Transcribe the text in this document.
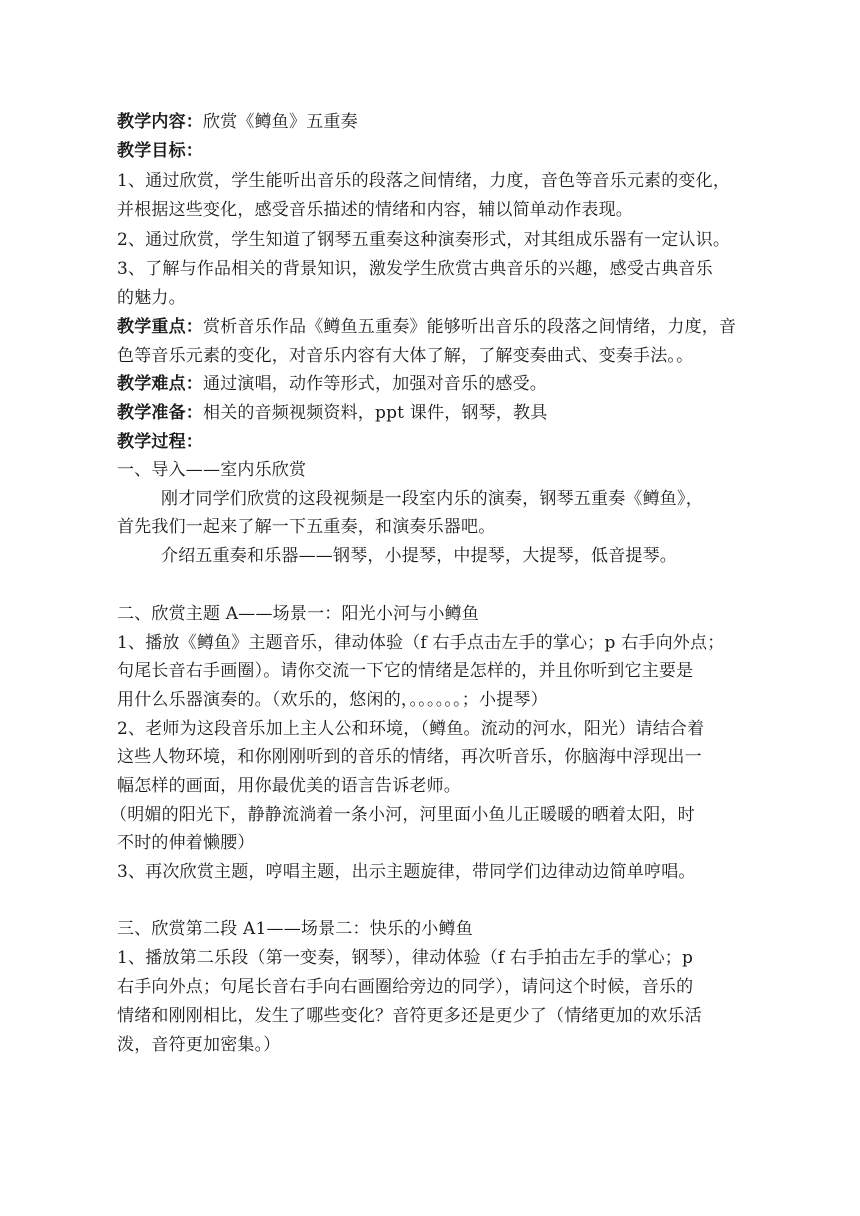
教学内容：欣赏《鳟鱼》五重奏
教学目标：
1、通过欣赏，学生能听出音乐的段落之间情绪，力度，音色等音乐元素的变化，
并根据这些变化，感受音乐描述的情绪和内容，辅以简单动作表现。
2、通过欣赏，学生知道了钢琴五重奏这种演奏形式，对其组成乐器有一定认识。
3、了解与作品相关的背景知识，激发学生欣赏古典音乐的兴趣，感受古典音乐
的魅力。
教学重点：赏析音乐作品《鳟鱼五重奏》能够听出音乐的段落之间情绪，力度，音
色等音乐元素的变化，对音乐内容有大体了解，了解变奏曲式、变奏手法。。
教学难点：通过演唱，动作等形式，加强对音乐的感受。
教学准备：相关的音频视频资料，ppt 课件，钢琴，教具
教学过程：
一、导入——室内乐欣赏
刚才同学们欣赏的这段视频是一段室内乐的演奏，钢琴五重奏《鳟鱼》，
首先我们一起来了解一下五重奏，和演奏乐器吧。
介绍五重奏和乐器——钢琴，小提琴，中提琴，大提琴，低音提琴。
二、欣赏主题 A——场景一：阳光小河与小鳟鱼
1、播放《鳟鱼》主题音乐，律动体验（f 右手点击左手的掌心；p 右手向外点；
句尾长音右手画圈）。请你交流一下它的情绪是怎样的，并且你听到它主要是
用什么乐器演奏的。（欢乐的，悠闲的，。。。。。。；小提琴）
2、老师为这段音乐加上主人公和环境，（鳟鱼。流动的河水，阳光）请结合着
这些人物环境，和你刚刚听到的音乐的情绪，再次听音乐，你脑海中浮现出一
幅怎样的画面，用你最优美的语言告诉老师。
（明媚的阳光下，静静流淌着一条小河，河里面小鱼儿正暖暖的晒着太阳，时
不时的伸着懒腰）
3、再次欣赏主题，哼唱主题，出示主题旋律，带同学们边律动边简单哼唱。
三、欣赏第二段 A1——场景二：快乐的小鳟鱼
1、播放第二乐段（第一变奏，钢琴），律动体验（f 右手拍击左手的掌心；p
右手向外点；句尾长音右手向右画圈给旁边的同学），请问这个时候，音乐的
情绪和刚刚相比，发生了哪些变化？音符更多还是更少了（情绪更加的欢乐活
泼，音符更加密集。）
